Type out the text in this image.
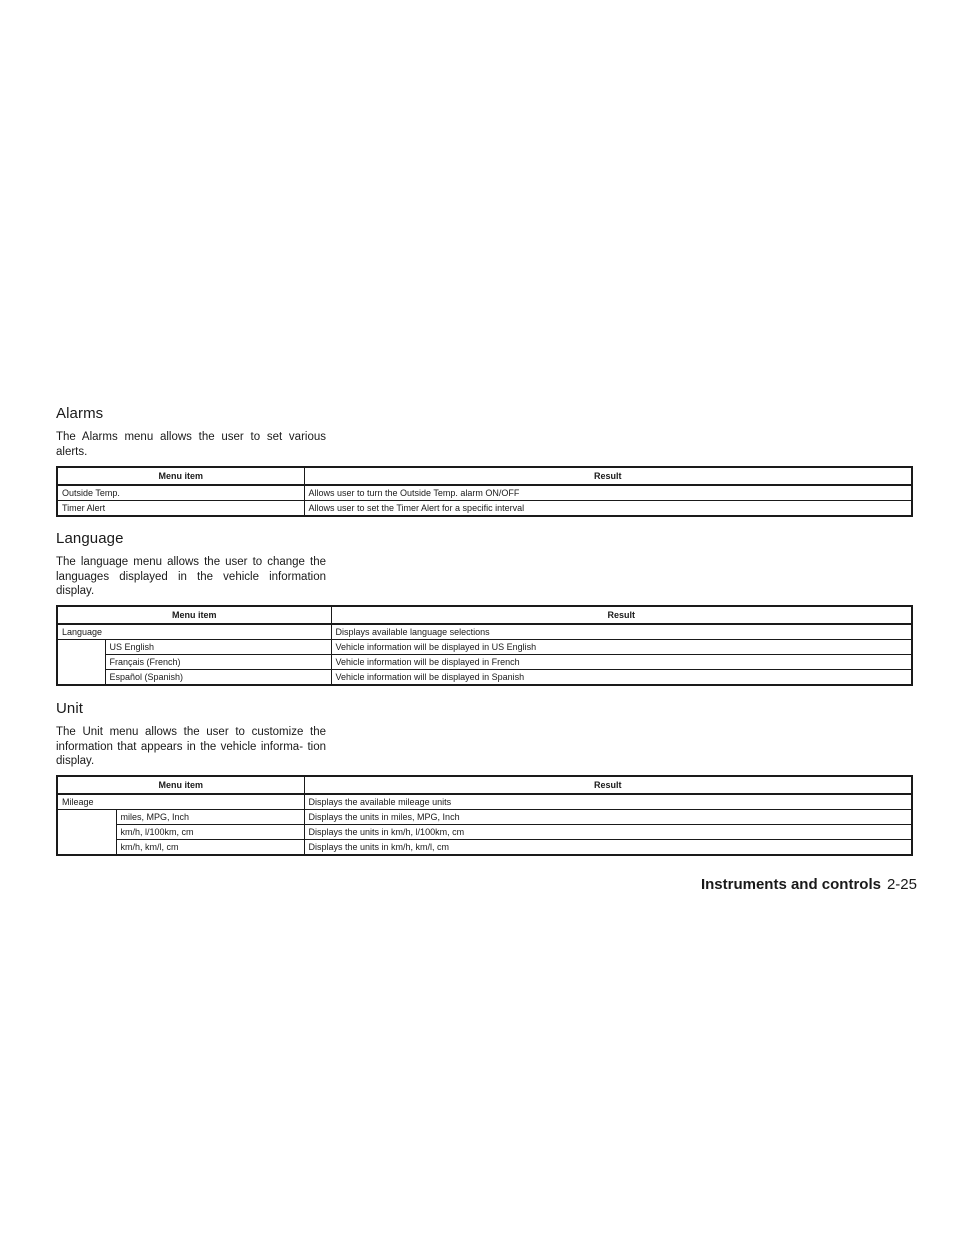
Alarms

The Alarms menu allows the user to set various alerts.

Menu item	Result
Outside Temp.	Allows user to turn the Outside Temp. alarm ON/OFF
Timer Alert	Allows user to set the Timer Alert for a specific interval
Language

The language menu allows the user to change the languages displayed in the vehicle information display.

Menu item		Result
Language		Displays available language selections
	US English	Vehicle information will be displayed in US English
	Français (French)	Vehicle information will be displayed in French
	Español (Spanish)	Vehicle information will be displayed in Spanish
Unit

The Unit menu allows the user to customize the information that appears in the vehicle informa- tion display.

Menu item		Result
Mileage		Displays the available mileage units
	miles, MPG, Inch	Displays the units in miles, MPG, Inch
	km/h, l/100km, cm	Displays the units in km/h, l/100km, cm
	km/h, km/l, cm	Displays the units in km/h, km/l, cm
Instruments and controls 2-25
